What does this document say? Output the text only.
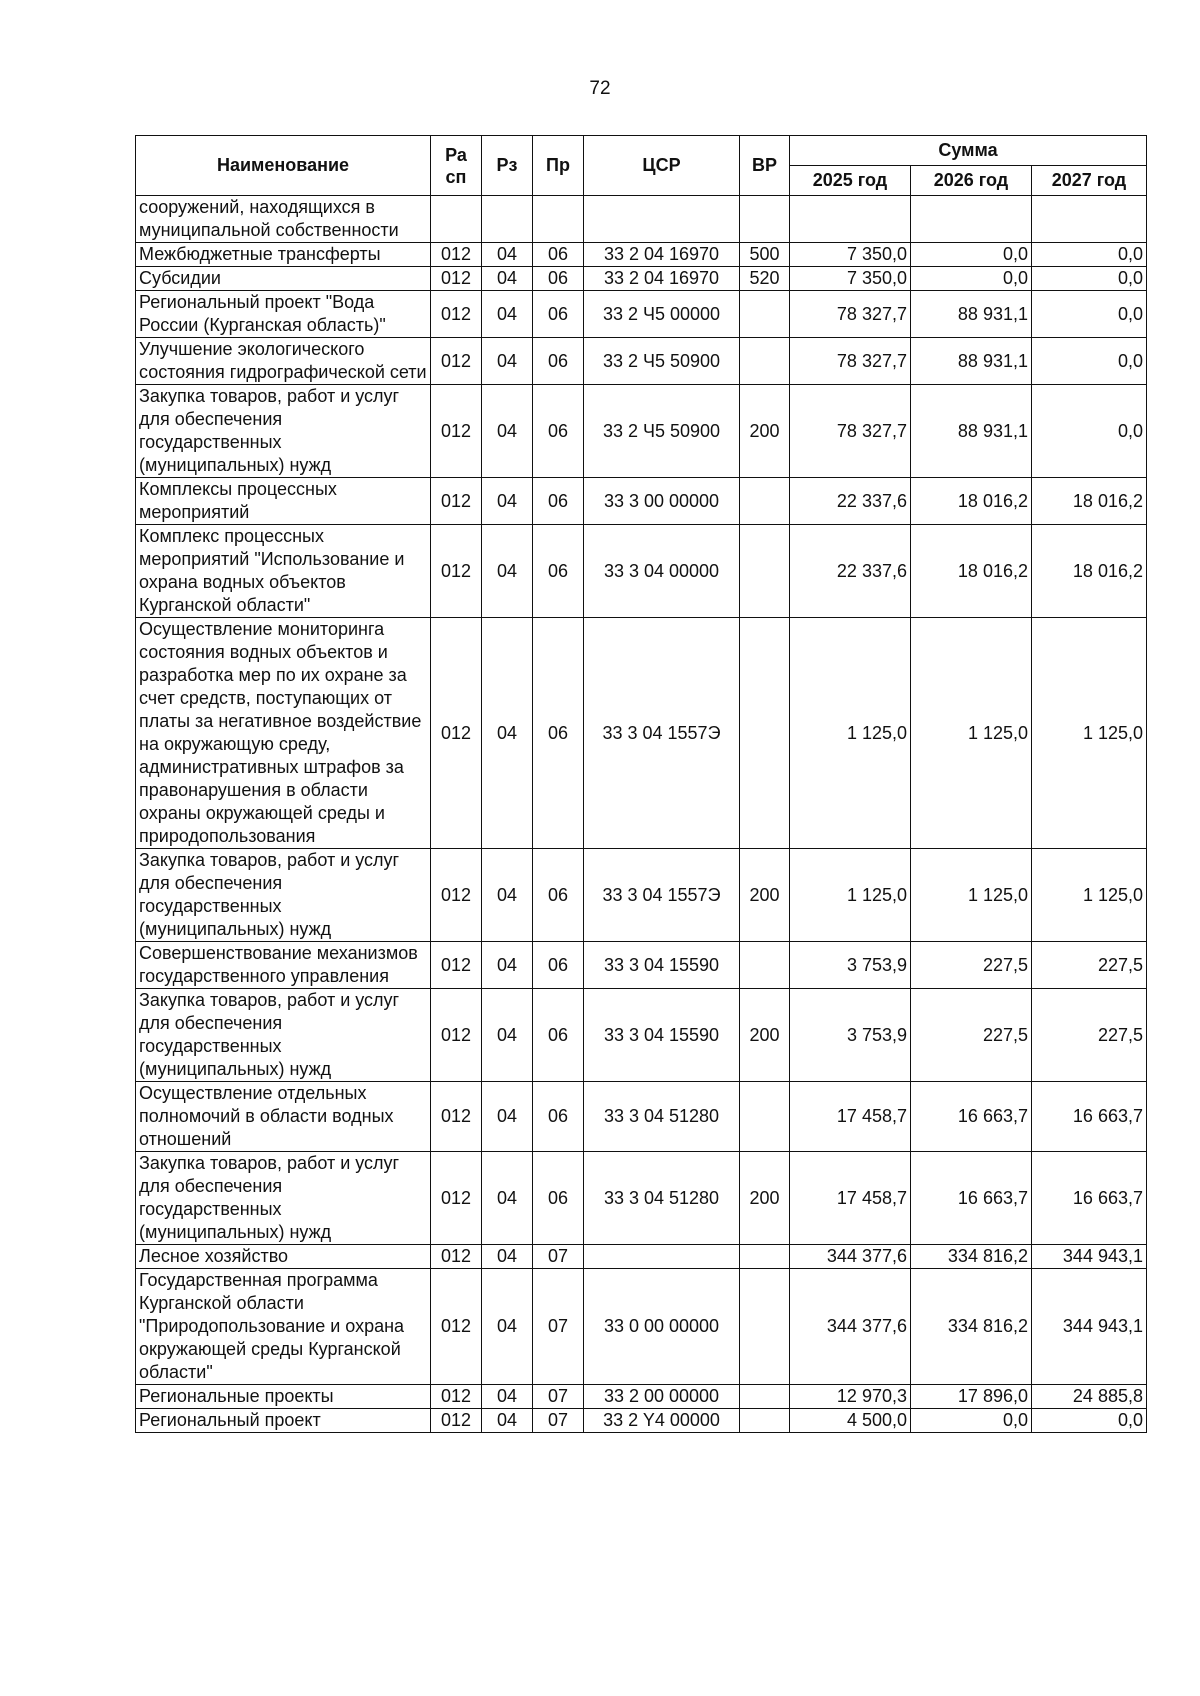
72
Наименование	Ра сп	Рз	Пр	ЦСР	ВР	Сумма		
						2025 год	2026 год	2027 год
сооружений, находящихся в муниципальной собственности								
Межбюджетные трансферты	012	04	06	33 2 04 16970	500	7 350,0	0,0	0,0
Субсидии	012	04	06	33 2 04 16970	520	7 350,0	0,0	0,0
Региональный проект "Вода России (Курганская область)"	012	04	06	33 2 Ч5 00000		78 327,7	88 931,1	0,0
Улучшение экологического состояния гидрографической сети	012	04	06	33 2 Ч5 50900		78 327,7	88 931,1	0,0
Закупка товаров, работ и услуг для обеспечения государственных (муниципальных) нужд	012	04	06	33 2 Ч5 50900	200	78 327,7	88 931,1	0,0
Комплексы процессных мероприятий	012	04	06	33 3 00 00000		22 337,6	18 016,2	18 016,2
Комплекс процессных мероприятий "Использование и охрана водных объектов Курганской области"	012	04	06	33 3 04 00000		22 337,6	18 016,2	18 016,2
Осуществление мониторинга состояния водных объектов и разработка мер по их охране за счет средств, поступающих от платы за негативное воздействие на окружающую среду, административных штрафов за правонарушения в области охраны окружающей среды и природопользования	012	04	06	33 3 04 1557Э		1 125,0	1 125,0	1 125,0
Закупка товаров, работ и услуг для обеспечения государственных (муниципальных) нужд	012	04	06	33 3 04 1557Э	200	1 125,0	1 125,0	1 125,0
Совершенствование механизмов государственного управления	012	04	06	33 3 04 15590		3 753,9	227,5	227,5
Закупка товаров, работ и услуг для обеспечения государственных (муниципальных) нужд	012	04	06	33 3 04 15590	200	3 753,9	227,5	227,5
Осуществление отдельных полномочий в области водных отношений	012	04	06	33 3 04 51280		17 458,7	16 663,7	16 663,7
Закупка товаров, работ и услуг для обеспечения государственных (муниципальных) нужд	012	04	06	33 3 04 51280	200	17 458,7	16 663,7	16 663,7
Лесное хозяйство	012	04	07			344 377,6	334 816,2	344 943,1
Государственная программа Курганской области "Природопользование и охрана окружающей среды Курганской области"	012	04	07	33 0 00 00000		344 377,6	334 816,2	344 943,1
Региональные проекты	012	04	07	33 2 00 00000		12 970,3	17 896,0	24 885,8
Региональный проект	012	04	07	33 2 Y4 00000		4 500,0	0,0	0,0
